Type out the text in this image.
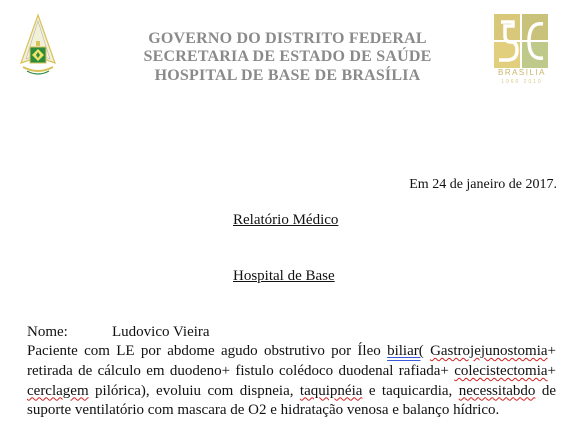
GOVERNO DO DISTRITO FEDERAL
SECRETARIA DE ESTADO DE SAÚDE
HOSPITAL DE BASE DE BRASÍLIA	BRASILIA
1960 2010
Em 24 de janeiro de 2017.
Relatório Médico
Hospital de Base
Nome:	Ludovico Vieira
Paciente com LE por abdome agudo obstrutivo por Íleo biliar( Gastrojejunostomia+ retirada de cálculo em duodeno+ fistulo colédoco duodenal rafiada+ colecistectomia+ cerclagem pilórica), evoluiu com dispneia, taquipnéia e taquicardia, necessitabdo de suporte ventilatório com mascara de O2 e hidratação venosa e balanço hídrico.
